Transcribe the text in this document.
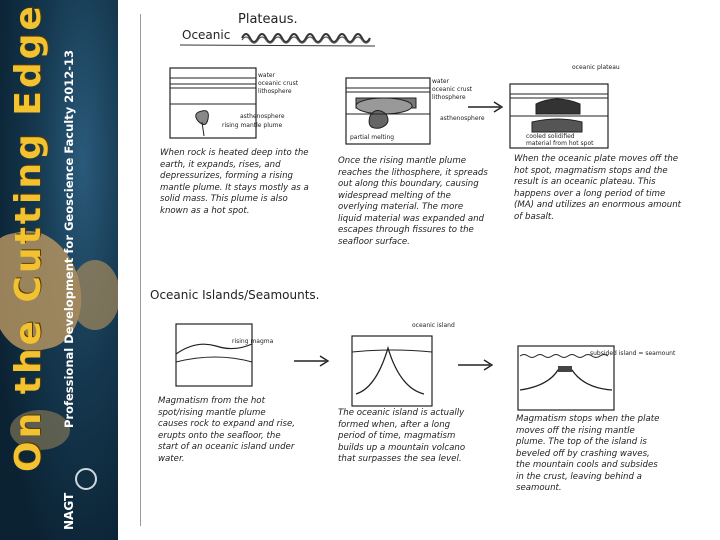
On the Cutting Edge Professional Development for Geoscience Faculty 2012-13
NAGT
Plateaus.
Oceanic
water
oceanic crust
lithosphere
asthenosphere
rising mantle plume
water
oceanic crust
lithosphere
asthenosphere
partial melting
oceanic plateau
cooled solidified material from hot spot
When rock is heated deep into the earth, it expands, rises, and depressurizes, forming a rising mantle plume. It stays mostly as a solid mass. This plume is also known as a hot spot.
Once the rising mantle plume reaches the lithosphere, it spreads out along this boundary, causing widespread melting of the overlying material. The more liquid material was expanded and escapes through fissures to the seafloor surface.
When the oceanic plate moves off the hot spot, magmatism stops and the result is an oceanic plateau. This happens over a long period of time (MA) and utilizes an enormous amount of basalt.
Oceanic Islands/Seamounts.
rising magma
oceanic island
subsided island = seamount
Magmatism from the hot spot/rising mantle plume causes rock to expand and rise, erupts onto the seafloor, the start of an oceanic island under water.
The oceanic island is actually formed when, after a long period of time, magmatism builds up a mountain volcano that surpasses the sea level.
Magmatism stops when the plate moves off the rising mantle plume. The top of the island is beveled off by crashing waves, the mountain cools and subsides in the crust, leaving behind a seamount.
